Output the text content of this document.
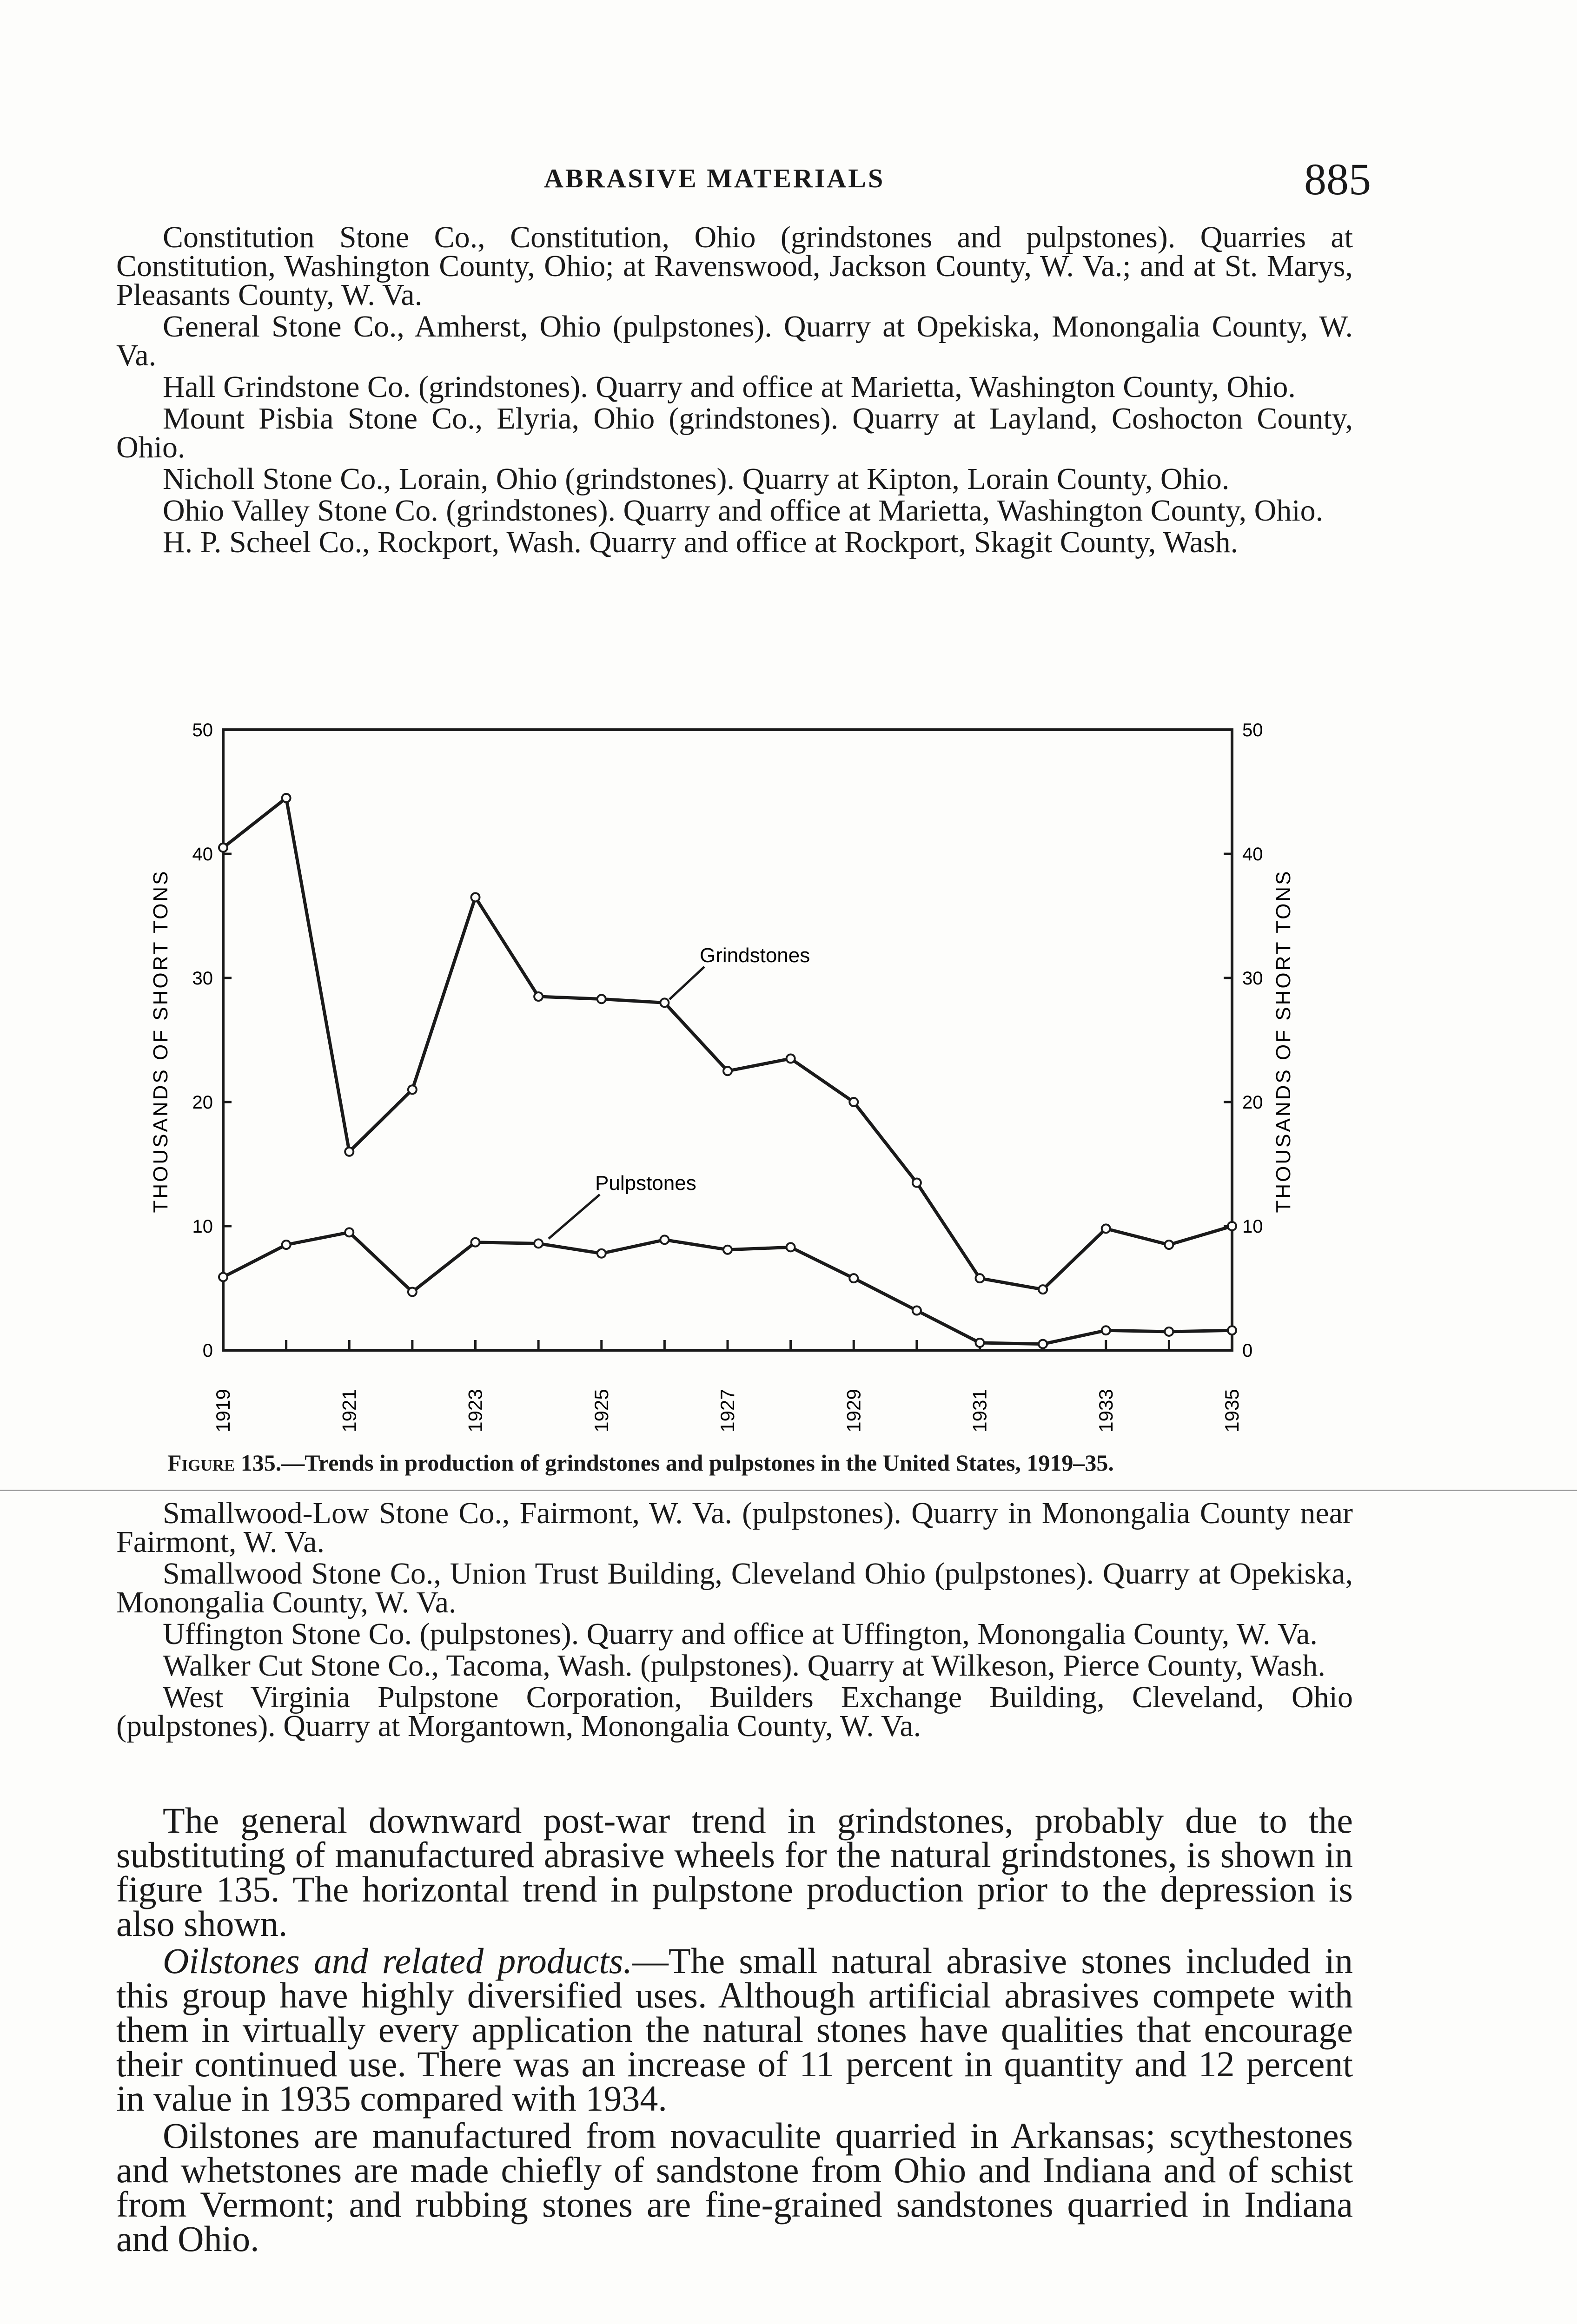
ABRASIVE MATERIALS	885

Constitution Stone Co., Constitution, Ohio (grindstones and pulpstones). Quarries at Constitution, Washington County, Ohio; at Ravenswood, Jackson County, W. Va.; and at St. Marys, Pleasants County, W. Va.

General Stone Co., Amherst, Ohio (pulpstones). Quarry at Opekiska, Monongalia County, W. Va.

Hall Grindstone Co. (grindstones). Quarry and office at Marietta, Washington County, Ohio.

Mount Pisbia Stone Co., Elyria, Ohio (grindstones). Quarry at Layland, Coshocton County, Ohio.

Nicholl Stone Co., Lorain, Ohio (grindstones). Quarry at Kipton, Lorain County, Ohio.

Ohio Valley Stone Co. (grindstones). Quarry and office at Marietta, Washington County, Ohio.

H. P. Scheel Co., Rockport, Wash. Quarry and office at Rockport, Skagit County, Wash.

0
10
20
30
40
50
0
10
20
30
40
50
1919	1921	1923	1925	1927	1929	1931	1933	1935
THOUSANDS OF SHORT TONS	THOUSANDS OF SHORT TONS
Grindstones
Pulpstones
Figure 135.—Trends in production of grindstones and pulpstones in the United States, 1919–35.

Smallwood-Low Stone Co., Fairmont, W. Va. (pulpstones). Quarry in Monongalia County near Fairmont, W. Va.

Smallwood Stone Co., Union Trust Building, Cleveland Ohio (pulpstones). Quarry at Opekiska, Monongalia County, W. Va.

Uffington Stone Co. (pulpstones). Quarry and office at Uffington, Monongalia County, W. Va.

Walker Cut Stone Co., Tacoma, Wash. (pulpstones). Quarry at Wilkeson, Pierce County, Wash.

West Virginia Pulpstone Corporation, Builders Exchange Building, Cleveland, Ohio (pulpstones). Quarry at Morgantown, Monongalia County, W. Va.

The general downward post-war trend in grindstones, probably due to the substituting of manufactured abrasive wheels for the natural grindstones, is shown in figure 135. The horizontal trend in pulpstone production prior to the depression is also shown.

Oilstones and related products.—The small natural abrasive stones included in this group have highly diversified uses. Although artificial abrasives compete with them in virtually every application the natural stones have qualities that encourage their continued use. There was an increase of 11 percent in quantity and 12 percent in value in 1935 compared with 1934.

Oilstones are manufactured from novaculite quarried in Arkansas; scythestones and whetstones are made chiefly of sandstone from Ohio and Indiana and of schist from Vermont; and rubbing stones are fine-grained sandstones quarried in Indiana and Ohio.
